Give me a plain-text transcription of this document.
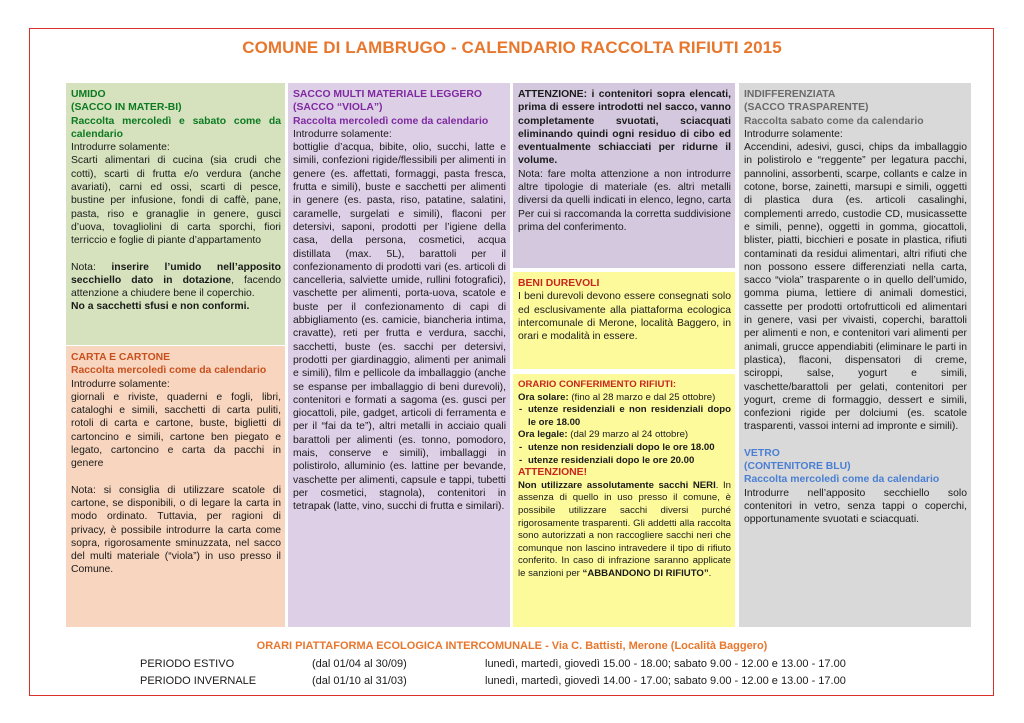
COMUNE DI LAMBRUGO - CALENDARIO RACCOLTA RIFIUTI 2015

UMIDO

(SACCO IN MATER-BI)

Raccolta mercoledì e sabato come da calendario

Introdurre solamente:

Scarti alimentari di cucina (sia crudi che cotti), scarti di frutta e/o verdura (anche avariati), carni ed ossi, scarti di pesce, bustine per infusione, fondi di caffè, pane, pasta, riso e granaglie in genere, gusci d’uova, tovagliolini di carta sporchi, fiori terriccio e foglie di piante d’appartamento

Nota: inserire l’umido nell’apposito secchiello dato in dotazione, facendo attenzione a chiudere bene il coperchio.

No a sacchetti sfusi e non conformi.

CARTA E CARTONE

Raccolta mercoledì come da calendario

Introdurre solamente:

giornali e riviste, quaderni e fogli, libri, cataloghi e simili, sacchetti di carta puliti, rotoli di carta e cartone, buste, biglietti di cartoncino e simili, cartone ben piegato e legato, cartoncino e carta da pacchi in genere

Nota: si consiglia di utilizzare scatole di cartone, se disponibili, o di legare la carta in modo ordinato. Tuttavia, per ragioni di privacy, è possibile introdurre la carta come sopra, rigorosamente sminuzzata, nel sacco del multi materiale (“viola”) in uso presso il Comune.

SACCO MULTI MATERIALE LEGGERO

(SACCO “VIOLA”)

Raccolta mercoledì come da calendario

Introdurre solamente:

bottiglie d’acqua, bibite, olio, succhi, latte e simili, confezioni rigide/flessibili per alimenti in genere (es. affettati, formaggi, pasta fresca, frutta e simili), buste e sacchetti per alimenti in genere (es. pasta, riso, patatine, salatini, caramelle, surgelati e simili), flaconi per detersivi, saponi, prodotti per l’igiene della casa, della persona, cosmetici, acqua distillata (max. 5L), barattoli per il confezionamento di prodotti vari (es. articoli di cancelleria, salviette umide, rullini fotografici), vaschette per alimenti, porta-uova, scatole e buste per il confezionamento di capi di abbigliamento (es. camicie, biancheria intima, cravatte), reti per frutta e verdura, sacchi, sacchetti, buste (es. sacchi per detersivi, prodotti per giardinaggio, alimenti per animali e simili), film e pellicole da imballaggio (anche se espanse per imballaggio di beni durevoli), contenitori e formati a sagoma (es. gusci per giocattoli, pile, gadget, articoli di ferramenta e per il “fai da te”), altri metalli in acciaio quali barattoli per alimenti (es. tonno, pomodoro, mais, conserve e simili), imballaggi in polistirolo, alluminio (es. lattine per bevande, vaschette per alimenti, capsule e tappi, tubetti per cosmetici, stagnola), contenitori in tetrapak (latte, vino, succhi di frutta e similari).

ATTENZIONE: i contenitori sopra elencati, prima di essere introdotti nel sacco, vanno completamente svuotati, sciacquati eliminando quindi ogni residuo di cibo ed eventualmente schiacciati per ridurne il volume.

Nota: fare molta attenzione a non introdurre altre tipologie di materiale (es. altri metalli diversi da quelli indicati in elenco, legno, carta Per cui si raccomanda la corretta suddivisione prima del conferimento.

BENI DUREVOLI

I beni durevoli devono essere consegnati solo ed esclusivamente alla piattaforma ecologica intercomunale di Merone, località Baggero, in orari e modalità in essere.

ORARIO CONFERIMENTO RIFIUTI:

Ora solare: (fino al 28 marzo e dal 25 ottobre)

- utenze residenziali e non residenziali dopo le ore 18.00

Ora legale: (dal 29 marzo al 24 ottobre)

- utenze non residenziali dopo le ore 18.00
- utenze residenziali dopo le ore 20.00

ATTENZIONE!

Non utilizzare assolutamente sacchi NERI. In assenza di quello in uso presso il comune, è possibile utilizzare sacchi diversi purché rigorosamente trasparenti. Gli addetti alla raccolta sono autorizzati a non raccogliere sacchi neri che comunque non lascino intravedere il tipo di rifiuto conferito. In caso di infrazione saranno applicate le sanzioni per “ABBANDONO DI RIFIUTO”.

INDIFFERENZIATA

(SACCO TRASPARENTE)

Raccolta sabato come da calendario

Introdurre solamente:

Accendini, adesivi, gusci, chips da imballaggio in polistirolo e “reggente” per legatura pacchi, pannolini, assorbenti, scarpe, collants e calze in cotone, borse, zainetti, marsupi e simili, oggetti di plastica dura (es. articoli casalinghi, complementi arredo, custodie CD, musicassette e simili, penne), oggetti in gomma, giocattoli, blister, piatti, bicchieri e posate in plastica, rifiuti contaminati da residui alimentari, altri rifiuti che non possono essere differenziati nella carta, sacco “viola” trasparente o in quello dell’umido, gomma piuma, lettiere di animali domestici, cassette per prodotti ortofrutticoli ed alimentari in genere, vasi per vivaisti, coperchi, barattoli per alimenti e non, e contenitori vari alimenti per animali, grucce appendiabiti (eliminare le parti in plastica), flaconi, dispensatori di creme, sciroppi, salse, yogurt e simili, vaschette/barattoli per gelati, contenitori per yogurt, creme di formaggio, dessert e simili, confezioni rigide per dolciumi (es. scatole trasparenti, vassoi interni ad impronte e simili).

VETRO

(CONTENITORE BLU)

Raccolta mercoledì come da calendario

Introdurre nell’apposito secchiello solo contenitori in vetro, senza tappi o coperchi, opportunamente svuotati e sciacquati.

ORARI PIATTAFORMA ECOLOGICA INTERCOMUNALE - Via C. Battisti, Merone (Località Baggero)
PERIODO ESTIVO	(dal 01/04 al 30/09)	lunedì, martedì, giovedì 15.00 - 18.00; sabato 9.00 - 12.00 e 13.00 - 17.00
PERIODO INVERNALE	(dal 01/10 al 31/03)	lunedì, martedì, giovedì 14.00 - 17.00; sabato 9.00 - 12.00 e 13.00 - 17.00
